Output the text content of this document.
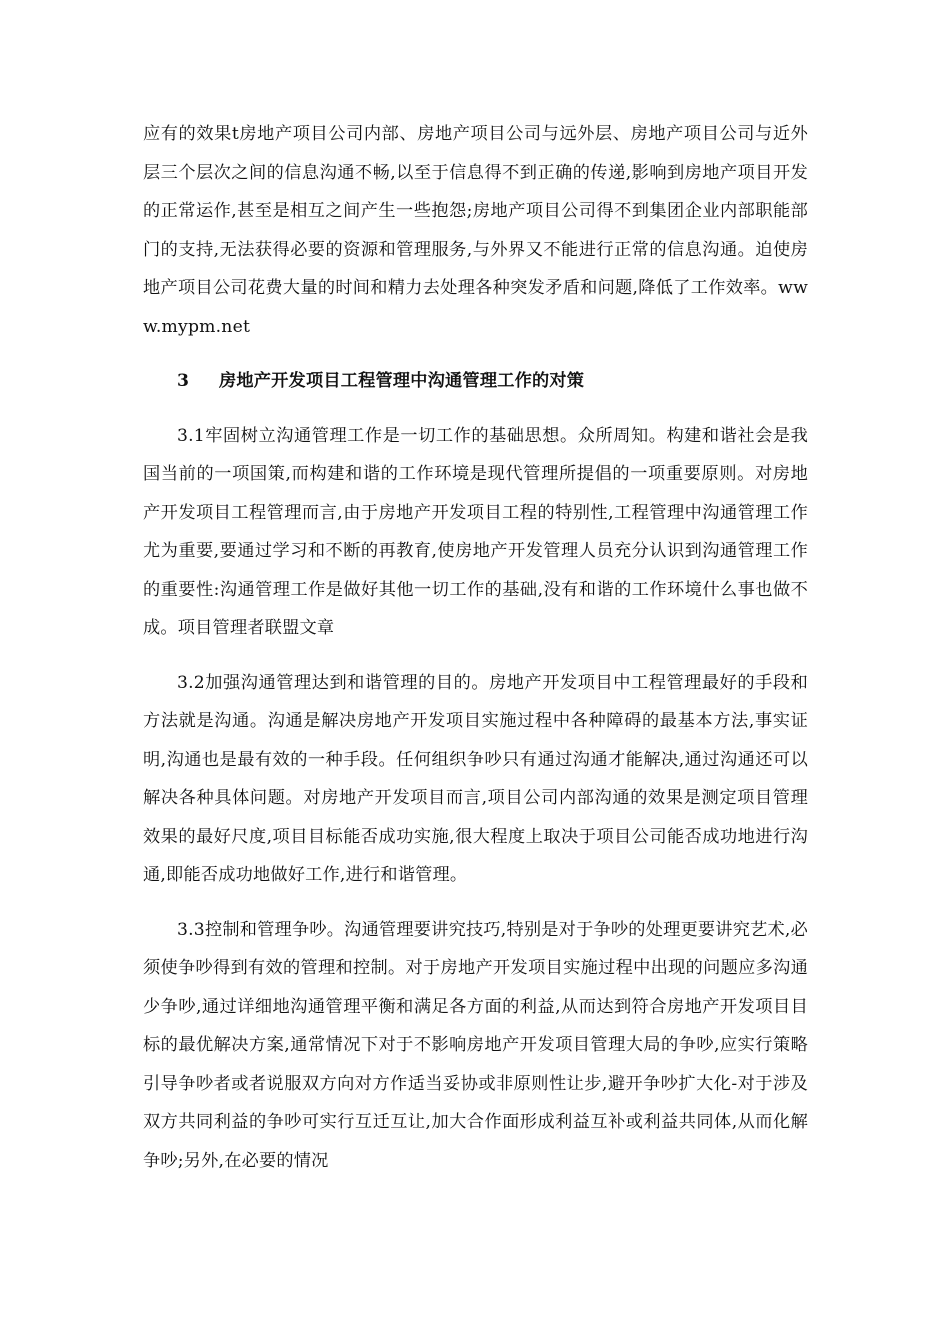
应有的效果t房地产项目公司内部、房地产项目公司与远外层、房地产项目公司与近外层三个层次之间的信息沟通不畅,以至于信息得不到正确的传递,影响到房地产项目开发的正常运作,甚至是相互之间产生一些抱怨;房地产项目公司得不到集团企业内部职能部门的支持,无法获得必要的资源和管理服务,与外界又不能进行正常的信息沟通。迫使房地产项目公司花费大量的时间和精力去处理各种突发矛盾和问题,降低了工作效率。www.mypm.net

3 房地产开发项目工程管理中沟通管理工作的对策

3.1牢固树立沟通管理工作是一切工作的基础思想。众所周知。构建和谐社会是我国当前的一项国策,而构建和谐的工作环境是现代管理所提倡的一项重要原则。对房地产开发项目工程管理而言,由于房地产开发项目工程的特别性,工程管理中沟通管理工作尤为重要,要通过学习和不断的再教育,使房地产开发管理人员充分认识到沟通管理工作的重要性:沟通管理工作是做好其他一切工作的基础,没有和谐的工作环境什么事也做不成。项目管理者联盟文章

3.2加强沟通管理达到和谐管理的目的。房地产开发项目中工程管理最好的手段和方法就是沟通。沟通是解决房地产开发项目实施过程中各种障碍的最基本方法,事实证明,沟通也是最有效的一种手段。任何组织争吵只有通过沟通才能解决,通过沟通还可以解决各种具体问题。对房地产开发项目而言,项目公司内部沟通的效果是测定项目管理效果的最好尺度,项目目标能否成功实施,很大程度上取决于项目公司能否成功地进行沟通,即能否成功地做好工作,进行和谐管理。

3.3控制和管理争吵。沟通管理要讲究技巧,特别是对于争吵的处理更要讲究艺术,必须使争吵得到有效的管理和控制。对于房地产开发项目实施过程中出现的问题应多沟通少争吵,通过详细地沟通管理平衡和满足各方面的利益,从而达到符合房地产开发项目目标的最优解决方案,通常情况下对于不影响房地产开发项目管理大局的争吵,应实行策略引导争吵者或者说服双方向对方作适当妥协或非原则性让步,避开争吵扩大化-对于涉及双方共同利益的争吵可实行互迁互让,加大合作面形成利益互补或利益共同体,从而化解争吵;另外,在必要的情况
